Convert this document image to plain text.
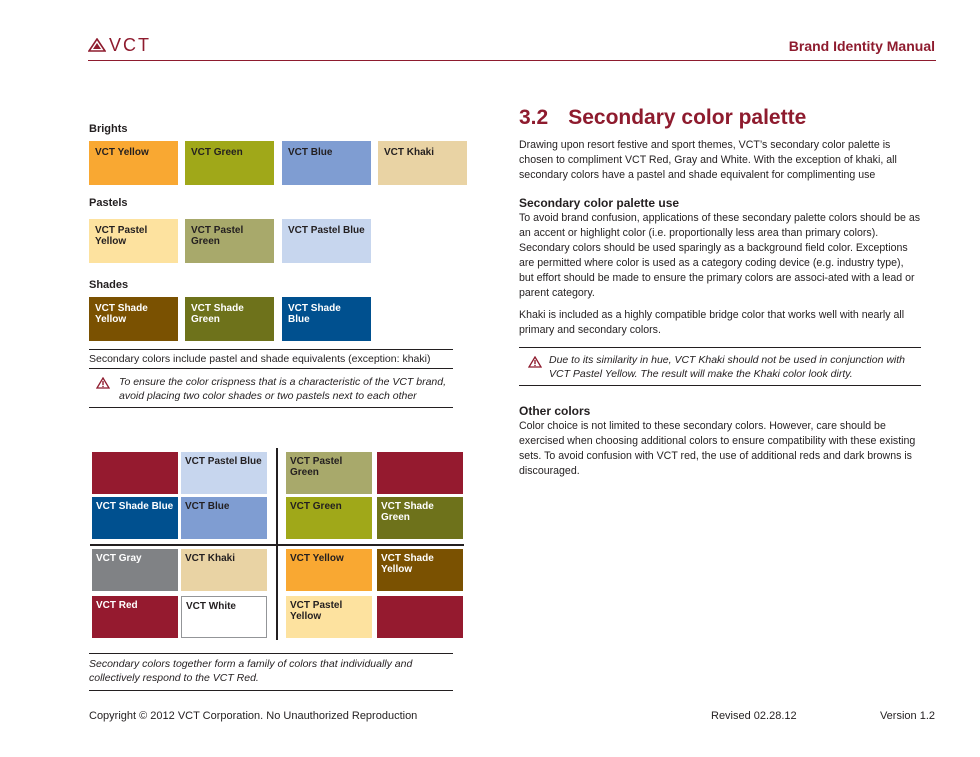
VCT	Brand Identity Manual
Brights
VCT Yellow	VCT Green	VCT Blue	VCT Khaki
Pastels
VCT Pastel Yellow
VCT Pastel Green
VCT Pastel Blue
Shades
VCT Shade Yellow
VCT Shade Green
VCT Shade Blue
Secondary colors include pastel and shade equivalents (exception: khaki)
To ensure the color crispness that is a characteristic of the VCT brand, avoid placing two color shades or two pastels next to each other
VCT Pastel Blue	VCT Pastel Green
VCT Shade Blue	VCT Blue	VCT Green	VCT Shade Green
VCT Gray	VCT Khaki	VCT Yellow	VCT Shade Yellow
VCT Red	VCT White	VCT Pastel Yellow
Secondary colors together form a family of colors that individually and collectively respond to the VCT Red.
3.2 Secondary color palette
Drawing upon resort festive and sport themes, VCT’s secondary color palette is chosen to compliment VCT Red, Gray and White. With the exception of khaki, all secondary colors have a pastel and shade equivalent for complimenting use
Secondary color palette use
To avoid brand confusion, applications of these secondary palette colors should be as an accent or highlight color (i.e. proportionally less area than primary colors). Secondary colors should be used sparingly as a background field color. Exceptions are permitted where color is used as a category coding device (e.g. industry type), but effort should be made to ensure the primary colors are associ-ated with a lead or parent category.
Khaki is included as a highly compatible bridge color that works well with nearly all primary and secondary colors.
Due to its similarity in hue, VCT Khaki should not be used in conjunction with VCT Pastel Yellow. The result will make the Khaki color look dirty.
Other colors
Color choice is not limited to these secondary colors. However, care should be exercised when choosing additional colors to ensure compatibility with these existing sets. To avoid confusion with VCT red, the use of additional reds and dark browns is discouraged.
Copyright © 2012 VCT Corporation. No Unauthorized Reproduction	Revised 02.28.12	Version 1.2
